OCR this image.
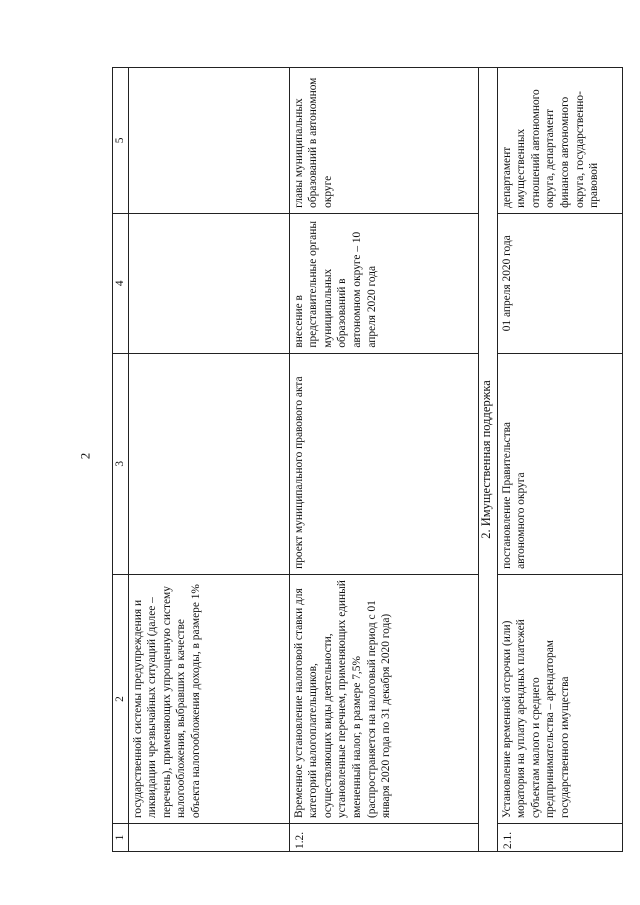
2
1	2	3	4	5
	государственной системы предупреждения и ликвидации чрезвычайных ситуаций (далее – перечень), применяющих упрощенную систему налогообложения, выбравших в качестве объекта налогообложения доходы, в размере 1%			
1.2.	Временное установление налоговой ставки для категорий налогоплательщиков, осуществляющих виды деятельности, установленные перечнем, применяющих единый вмененный налог, в размере 7,5% (распространяется на налоговый период с 01 января 2020 года по 31 декабря 2020 года)	проект муниципального правового акта	внесение в представительные органы муниципальных образований в автономном округе – 10 апреля 2020 года	главы муниципальных образований в автономном округе
2. Имущественная поддержка				
2.1.	Установление временной отсрочки (или) моратория на уплату арендных платежей субъектам малого и среднего предпринимательства – арендаторам государственного имущества	постановление Правительства автономного округа	01 апреля 2020 года	департамент имущественных отношений автономного округа, департамент финансов автономного округа, государственно-правовой
